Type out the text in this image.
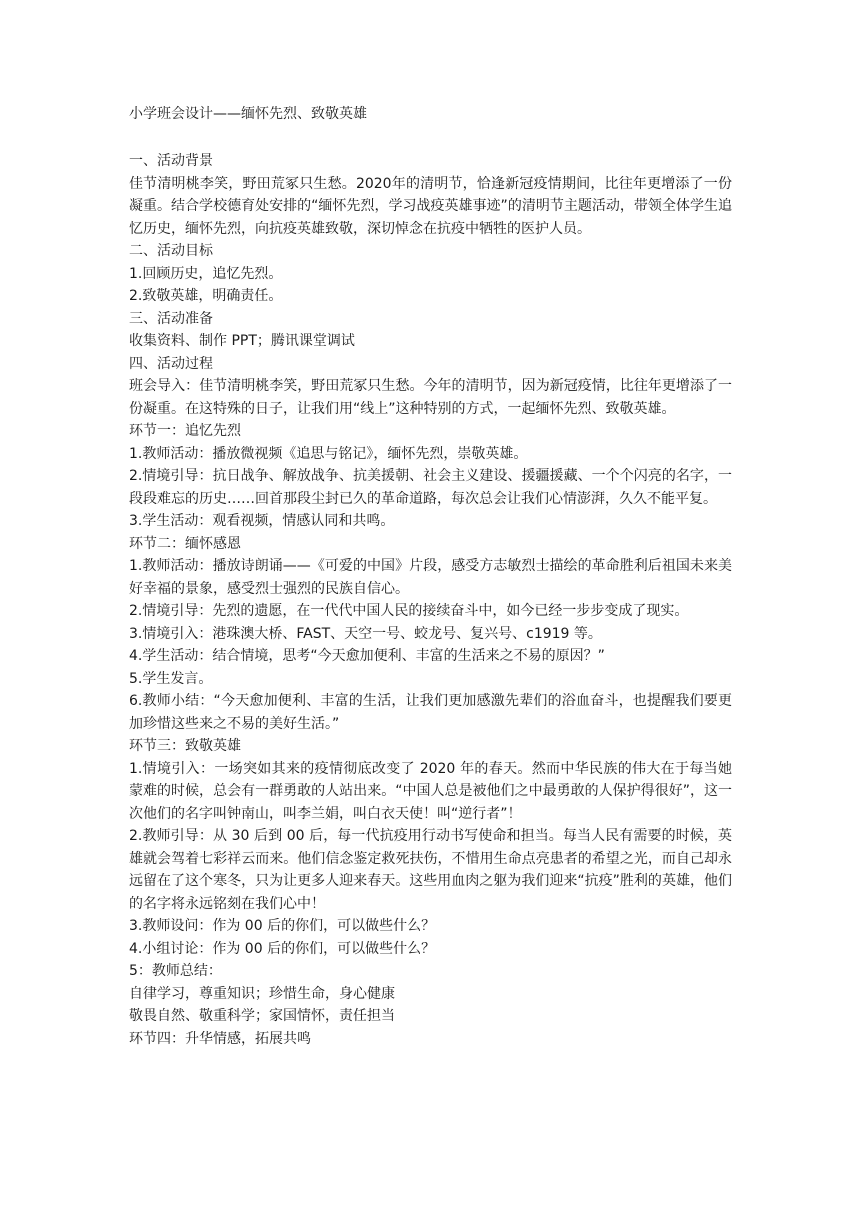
小学班会设计——缅怀先烈、致敬英雄
一、活动背景
佳节清明桃李笑，野田荒冢只生愁。2020年的清明节，恰逢新冠疫情期间，比往年更增添了一份凝重。结合学校德育处安排的“缅怀先烈，学习战疫英雄事迹”的清明节主题活动，带领全体学生追忆历史，缅怀先烈，向抗疫英雄致敬，深切悼念在抗疫中牺牲的医护人员。
二、活动目标
1.回顾历史，追忆先烈。
2.致敬英雄，明确责任。
三、活动准备
收集资料、制作 PPT；腾讯课堂调试
四、活动过程
班会导入：佳节清明桃李笑，野田荒冢只生愁。今年的清明节，因为新冠疫情，比往年更增添了一份凝重。在这特殊的日子，让我们用“线上”这种特别的方式，一起缅怀先烈、致敬英雄。
环节一：追忆先烈
1.教师活动：播放微视频《追思与铭记》，缅怀先烈，崇敬英雄。
2.情境引导：抗日战争、解放战争、抗美援朝、社会主义建设、援疆援藏、一个个闪亮的名字，一段段难忘的历史……回首那段尘封已久的革命道路，每次总会让我们心情澎湃，久久不能平复。
3.学生活动：观看视频，情感认同和共鸣。
环节二：缅怀感恩
1.教师活动：播放诗朗诵——《可爱的中国》片段，感受方志敏烈士描绘的革命胜利后祖国未来美好幸福的景象，感受烈士强烈的民族自信心。
2.情境引导：先烈的遗愿，在一代代中国人民的接续奋斗中，如今已经一步步变成了现实。
3.情境引入：港珠澳大桥、FAST、天空一号、蛟龙号、复兴号、c1919 等。
4.学生活动：结合情境，思考“今天愈加便利、丰富的生活来之不易的原因？”
5.学生发言。
6.教师小结：“今天愈加便利、丰富的生活，让我们更加感激先辈们的浴血奋斗，也提醒我们要更加珍惜这些来之不易的美好生活。”
环节三：致敬英雄
1.情境引入：一场突如其来的疫情彻底改变了 2020 年的春天。然而中华民族的伟大在于每当她蒙难的时候，总会有一群勇敢的人站出来。“中国人总是被他们之中最勇敢的人保护得很好”，这一次他们的名字叫钟南山，叫李兰娟，叫白衣天使！叫“逆行者”！
2.教师引导：从 30 后到 00 后，每一代抗疫用行动书写使命和担当。每当人民有需要的时候，英雄就会驾着七彩祥云而来。他们信念鉴定救死扶伤，不惜用生命点亮患者的希望之光，而自己却永远留在了这个寒冬，只为让更多人迎来春天。这些用血肉之躯为我们迎来“抗疫”胜利的英雄，他们的名字将永远铭刻在我们心中！
3.教师设问：作为 00 后的你们，可以做些什么？
4.小组讨论：作为 00 后的你们，可以做些什么？
5：教师总结：
自律学习，尊重知识；珍惜生命，身心健康
敬畏自然、敬重科学；家国情怀，责任担当
环节四：升华情感，拓展共鸣
